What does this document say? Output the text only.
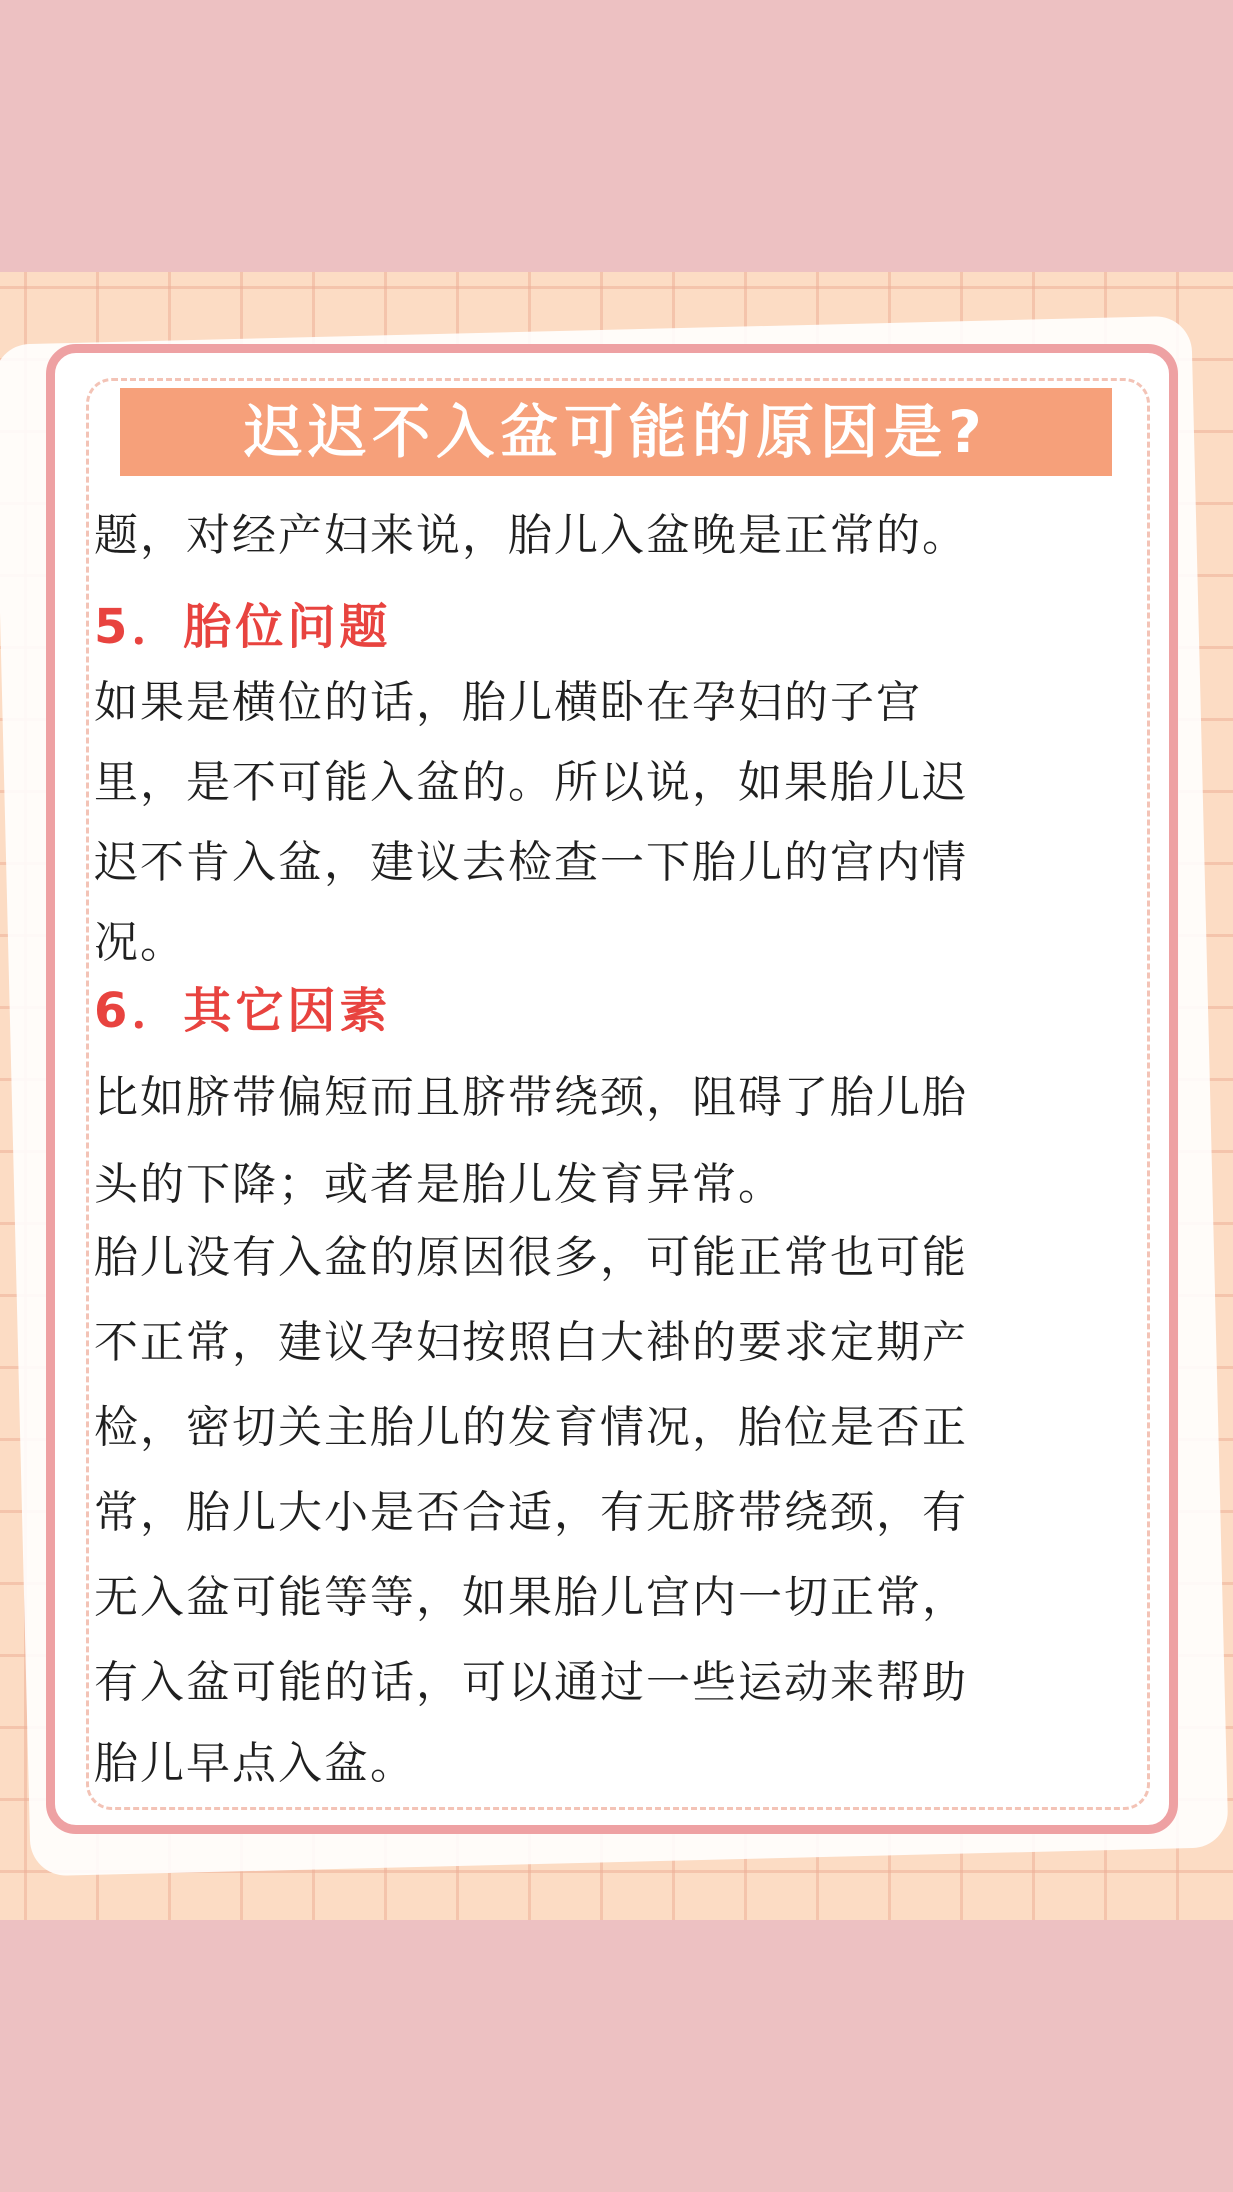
迟迟不入盆可能的原因是?
题，对经产妇来说，胎儿入盆晚是正常的。
5．胎位问题
如果是横位的话，胎儿横卧在孕妇的子宫
里，是不可能入盆的。所以说，如果胎儿迟
迟不肯入盆，建议去检查一下胎儿的宫内情
况。
6．其它因素
比如脐带偏短而且脐带绕颈，阻碍了胎儿胎
头的下降；或者是胎儿发育异常。
胎儿没有入盆的原因很多，可能正常也可能
不正常，建议孕妇按照白大褂的要求定期产
检，密切关主胎儿的发育情况，胎位是否正
常，胎儿大小是否合适，有无脐带绕颈，有
无入盆可能等等，如果胎儿宫内一切正常，
有入盆可能的话，可以通过一些运动来帮助
胎儿早点入盆。
